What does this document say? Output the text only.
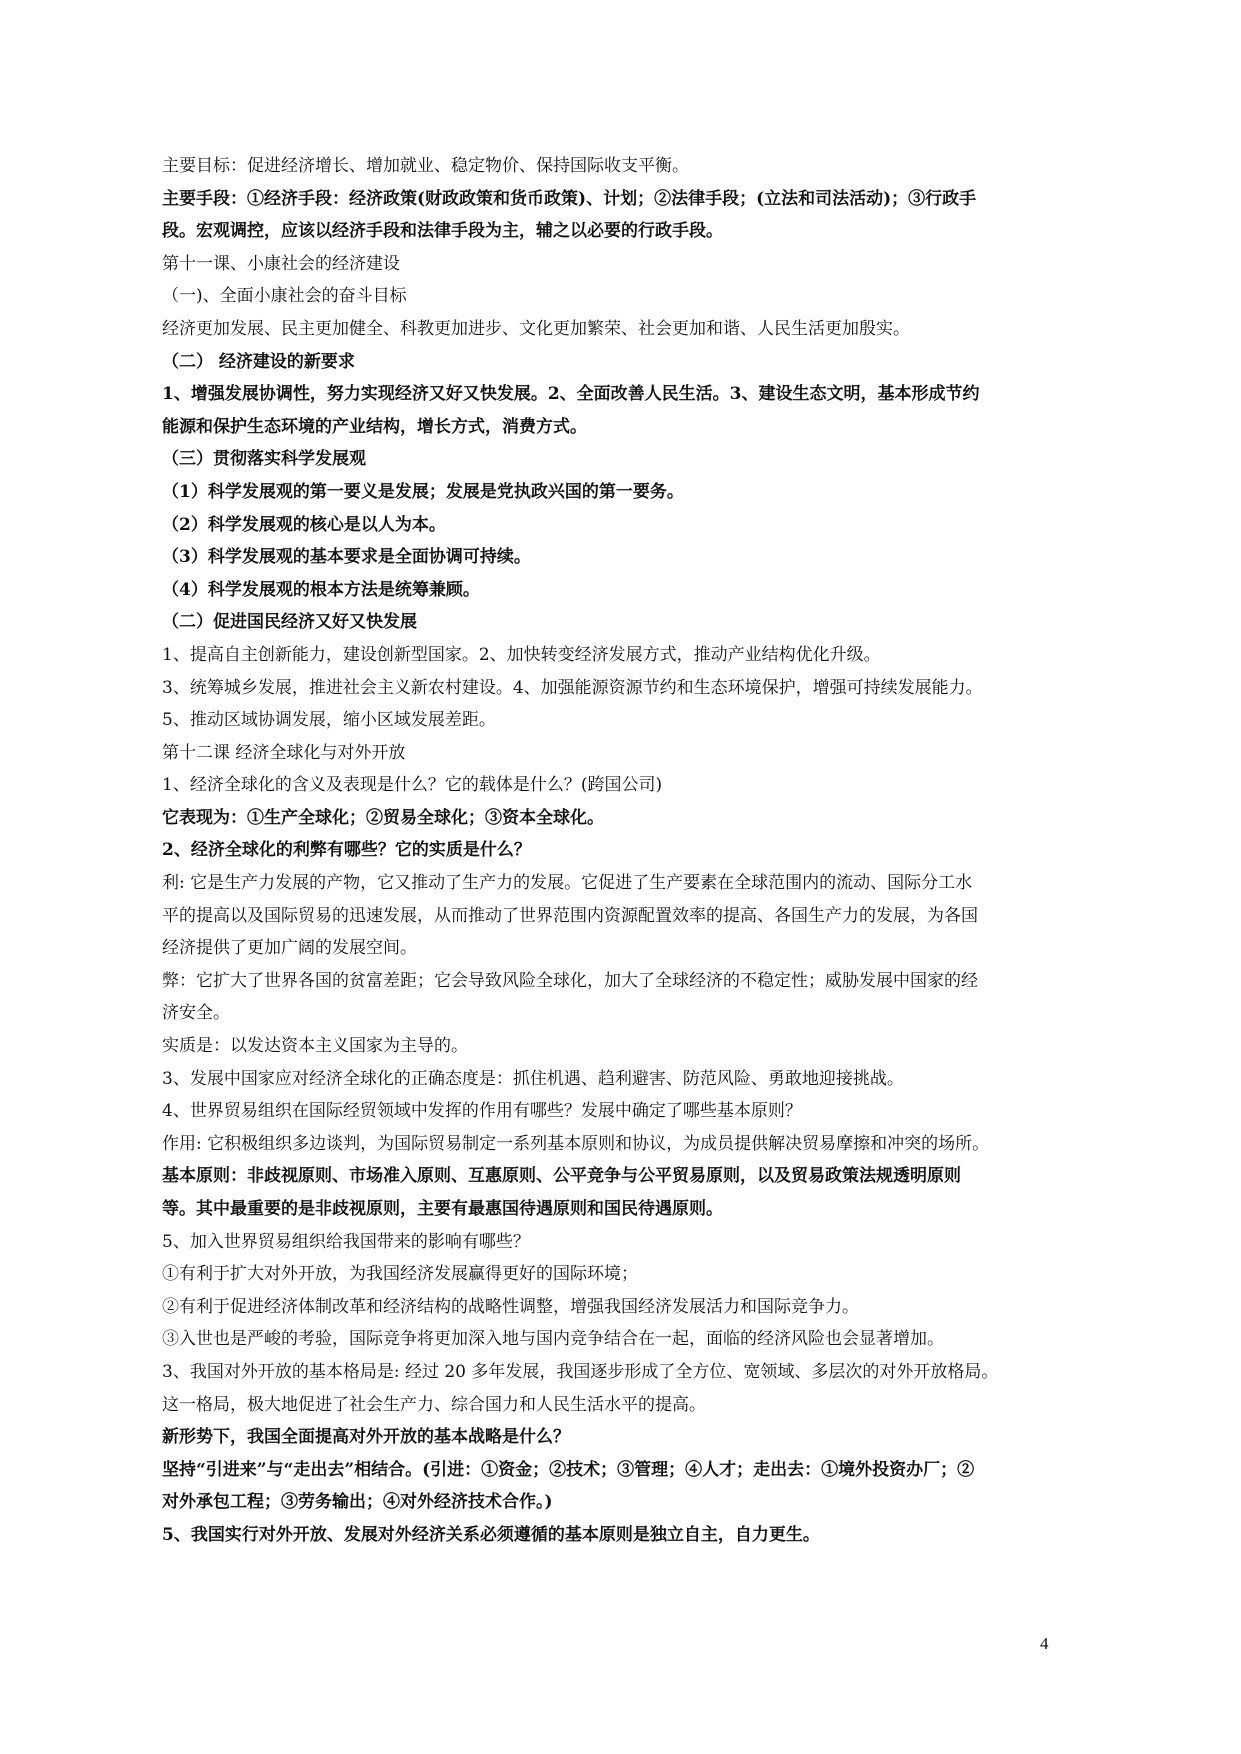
主要目标：促进经济增长、增加就业、稳定物价、保持国际收支平衡。

主要手段：①经济手段：经济政策(财政政策和货币政策)、计划；②法律手段；(立法和司法活动)；③行政手

段。宏观调控，应该以经济手段和法律手段为主，辅之以必要的行政手段。

第十一课、小康社会的经济建设

（一)、全面小康社会的奋斗目标

经济更加发展、民主更加健全、科教更加进步、文化更加繁荣、社会更加和谐、人民生活更加殷实。

（二） 经济建设的新要求

1、增强发展协调性，努力实现经济又好又快发展。2、全面改善人民生活。3、建设生态文明，基本形成节约

能源和保护生态环境的产业结构，增长方式，消费方式。

（三）贯彻落实科学发展观

（1）科学发展观的第一要义是发展；发展是党执政兴国的第一要务。

（2）科学发展观的核心是以人为本。

（3）科学发展观的基本要求是全面协调可持续。

（4）科学发展观的根本方法是统筹兼顾。

（二）促进国民经济又好又快发展

1、提高自主创新能力，建设创新型国家。2、加快转变经济发展方式，推动产业结构优化升级。

3、统筹城乡发展，推进社会主义新农村建设。4、加强能源资源节约和生态环境保护，增强可持续发展能力。

5、推动区域协调发展，缩小区域发展差距。

第十二课 经济全球化与对外开放

1、经济全球化的含义及表现是什么？它的载体是什么？(跨国公司)

它表现为：①生产全球化；②贸易全球化；③资本全球化。

2、经济全球化的利弊有哪些？它的实质是什么？

利: 它是生产力发展的产物，它又推动了生产力的发展。它促进了生产要素在全球范围内的流动、国际分工水

平的提高以及国际贸易的迅速发展，从而推动了世界范围内资源配置效率的提高、各国生产力的发展，为各国

经济提供了更加广阔的发展空间。

弊：它扩大了世界各国的贫富差距；它会导致风险全球化，加大了全球经济的不稳定性；威胁发展中国家的经

济安全。

实质是：以发达资本主义国家为主导的。

3、发展中国家应对经济全球化的正确态度是：抓住机遇、趋利避害、防范风险、勇敢地迎接挑战。

4、世界贸易组织在国际经贸领域中发挥的作用有哪些？发展中确定了哪些基本原则？

作用: 它积极组织多边谈判，为国际贸易制定一系列基本原则和协议，为成员提供解决贸易摩擦和冲突的场所。

基本原则：非歧视原则、市场准入原则、互惠原则、公平竞争与公平贸易原则，以及贸易政策法规透明原则

等。其中最重要的是非歧视原则，主要有最惠国待遇原则和国民待遇原则。

5、加入世界贸易组织给我国带来的影响有哪些？

①有利于扩大对外开放，为我国经济发展赢得更好的国际环境；

②有利于促进经济体制改革和经济结构的战略性调整，增强我国经济发展活力和国际竞争力。

③入世也是严峻的考验，国际竞争将更加深入地与国内竞争结合在一起，面临的经济风险也会显著增加。

3、我国对外开放的基本格局是: 经过 20 多年发展，我国逐步形成了全方位、宽领域、多层次的对外开放格局。

这一格局，极大地促进了社会生产力、综合国力和人民生活水平的提高。

新形势下，我国全面提高对外开放的基本战略是什么？

坚持“引进来”与“走出去”相结合。(引进：①资金；②技术；③管理；④人才；走出去：①境外投资办厂；②

对外承包工程；③劳务输出；④对外经济技术合作。)

5、我国实行对外开放、发展对外经济关系必须遵循的基本原则是独立自主，自力更生。

4
